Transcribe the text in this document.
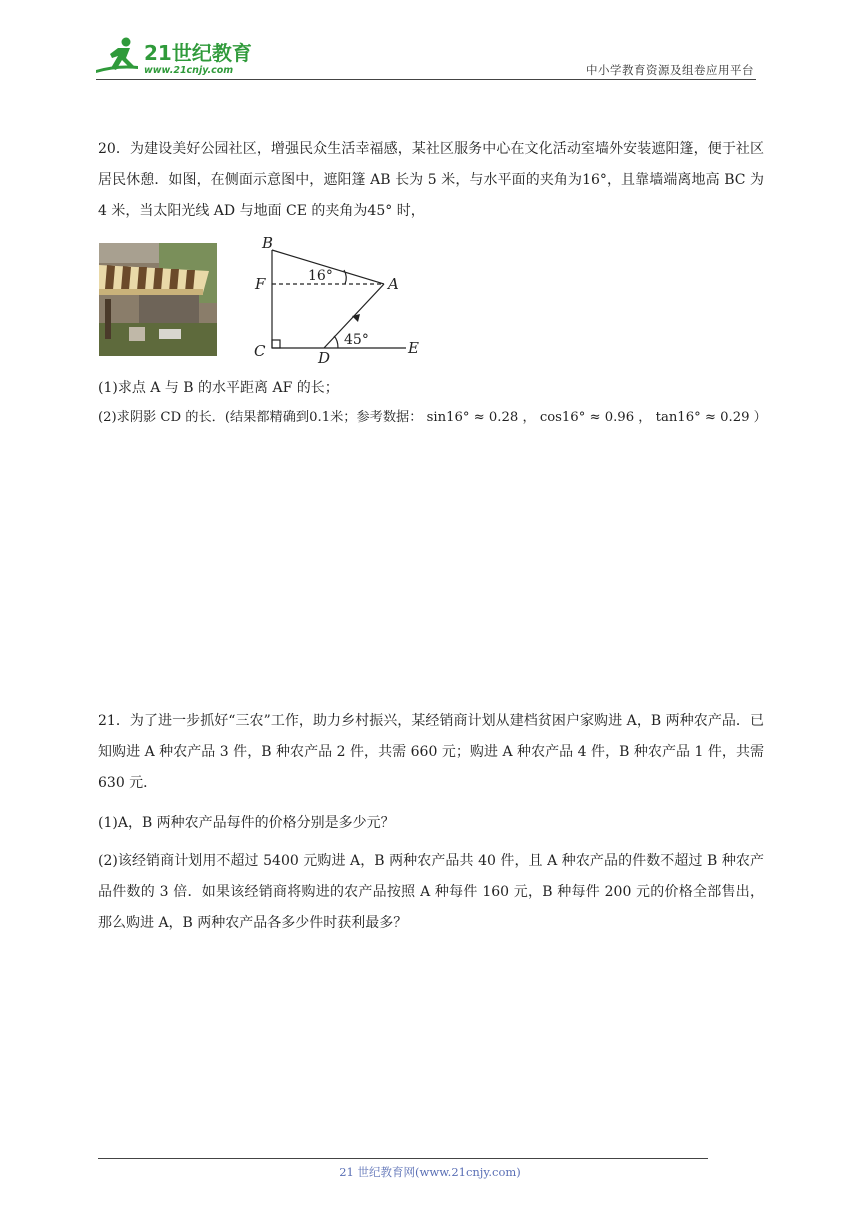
21世纪教育
www.21cnjy.com	中小学教育资源及组卷应用平台
20．为建设美好公园社区，增强民众生活幸福感，某社区服务中心在文化活动室墙外安装遮阳篷，便于社区居民休憩．如图，在侧面示意图中，遮阳篷 AB 长为 5 米，与水平面的夹角为16°，且靠墙端离地高 BC 为 4 米，当太阳光线 AD 与地面 CE 的夹角为45° 时，
B
F	A
C	D
E
16°
45°
(1)求点 A 与 B 的水平距离 AF 的长；
(2)求阴影 CD 的长．(结果都精确到0.1米；参考数据： sin16° ≈ 0.28 ， cos16° ≈ 0.96 ， tan16° ≈ 0.29 ）
21．为了进一步抓好“三农”工作，助力乡村振兴，某经销商计划从建档贫困户家购进 A，B 两种农产品．已知购进 A 种农产品 3 件，B 种农产品 2 件，共需 660 元；购进 A 种农产品 4 件，B 种农产品 1 件，共需 630 元．
(1)A，B 两种农产品每件的价格分别是多少元？
(2)该经销商计划用不超过 5400 元购进 A，B 两种农产品共 40 件，且 A 种农产品的件数不超过 B 种农产品件数的 3 倍．如果该经销商将购进的农产品按照 A 种每件 160 元，B 种每件 200 元的价格全部售出，那么购进 A，B 两种农产品各多少件时获利最多？
21 世纪教育网(www.21cnjy.com)
